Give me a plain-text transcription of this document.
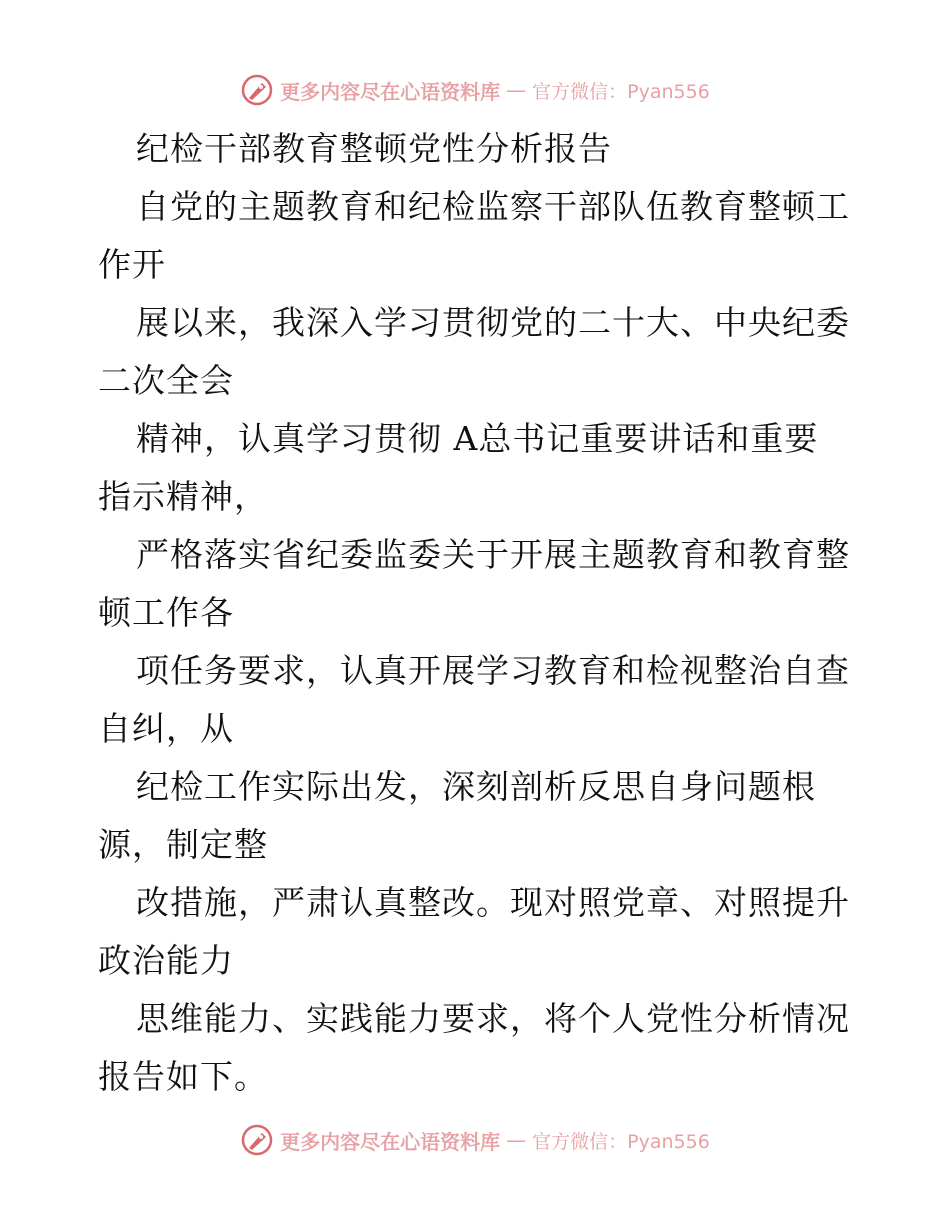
更多内容尽在心语资料库 — 官方微信：Pyan556
纪检干部教育整顿党性分析报告
自党的主题教育和纪检监察干部队伍教育整顿工
作开
展以来，我深入学习贯彻党的二十大、中央纪委
二次全会
精神，认真学习贯彻 A总书记重要讲话和重要
指示精神，
严格落实省纪委监委关于开展主题教育和教育整
顿工作各
项任务要求，认真开展学习教育和检视整治自查
自纠，从
纪检工作实际出发，深刻剖析反思自身问题根
源，制定整
改措施，严肃认真整改。现对照党章、对照提升
政治能力
思维能力、实践能力要求，将个人党性分析情况
报告如下。
更多内容尽在心语资料库 — 官方微信：Pyan556
